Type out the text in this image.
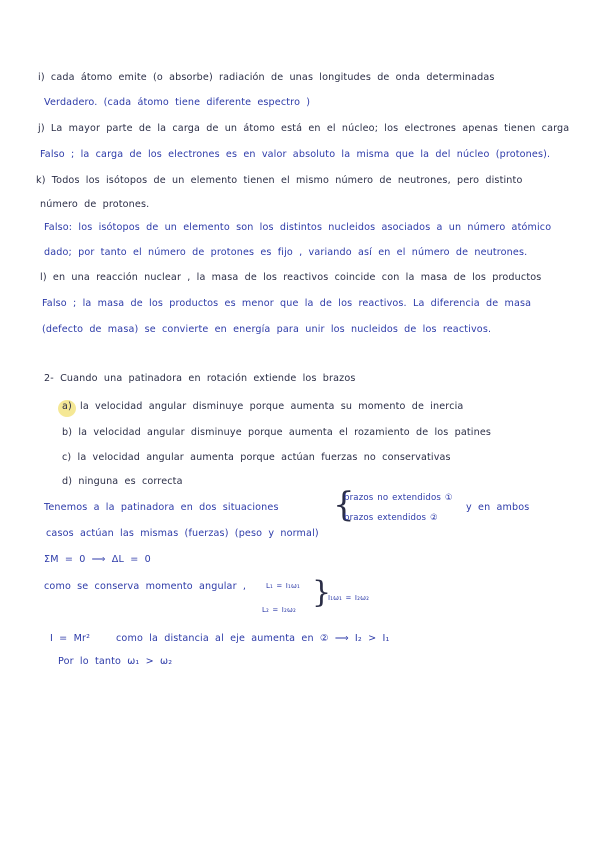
i) cada átomo emite (o absorbe) radiación de unas longitudes de onda determinadas
Verdadero. (cada átomo tiene diferente espectro )
j) La mayor parte de la carga de un átomo está en el núcleo; los electrones apenas tienen carga
Falso ; la carga de los electrones es en valor absoluto la misma que la del núcleo (protones).
k) Todos los isótopos de un elemento tienen el mismo número de neutrones, pero distinto
número de protones.
Falso: los isótopos de un elemento son los distintos nucleidos asociados a un número atómico
dado; por tanto el número de protones es fijo , variando así en el número de neutrones.
l) en una reacción nuclear , la masa de los reactivos coincide con la masa de los productos
Falso ; la masa de los productos es menor que la de los reactivos. La diferencia de masa
(defecto de masa) se convierte en energía para unir los nucleidos de los reactivos.
2- Cuando una patinadora en rotación extiende los brazos
a) la velocidad angular disminuye porque aumenta su momento de inercia
b) la velocidad angular disminuye porque aumenta el rozamiento de los patines
c) la velocidad angular aumenta porque actúan fuerzas no conservativas
d) ninguna es correcta
Tenemos a la patinadora en dos situaciones {
brazos no extendidos ①
brazos extendidos ②
y en ambos
casos actúan las mismas (fuerzas) (peso y normal)
ΣM = 0 ⟹ ΔL = 0
como se conserva momento angular ,	L₁ = I₁ω₁
L₂ = I₂ω₂ }
I₁ω₁ = I₂ω₂
I = Mr²	como la distancia al eje aumenta en ② ⟹ I₂ > I₁
Por lo tanto ω₁ > ω₂
